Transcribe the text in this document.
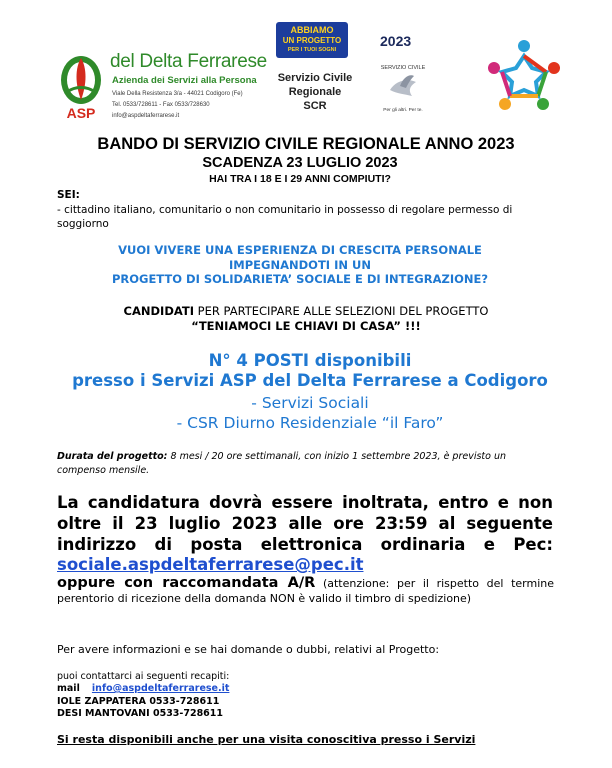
ASP
del Delta Ferrarese
Azienda dei Servizi alla Persona
Viale Della Resistenza 3/a - 44021 Codigoro (Fe)
Tel. 0533/728611 - Fax 0533/728630
info@aspdeltaferrarese.it
ABBIAMO
UN PROGETTO
PER I TUOI SOGNI
Servizio Civile
Regionale
SCR
2023
SERVIZIO CIVILE
Per gli altri. Per te.
BANDO DI SERVIZIO CIVILE REGIONALE ANNO 2023
SCADENZA 23 LUGLIO 2023
HAI TRA I 18 E I 29 ANNI COMPIUTI?
SEI:
- cittadino italiano, comunitario o non comunitario in possesso di regolare permesso di soggiorno
VUOI VIVERE UNA ESPERIENZA DI CRESCITA PERSONALE
IMPEGNANDOTI IN UN
PROGETTO DI SOLIDARIETA’ SOCIALE E DI INTEGRAZIONE?
CANDIDATI PER PARTECIPARE ALLE SELEZIONI DEL PROGETTO
“TENIAMOCI LE CHIAVI DI CASA” !!!
N° 4 POSTI disponibili
presso i Servizi ASP del Delta Ferrarese a Codigoro
- Servizi Sociali
- CSR Diurno Residenziale “il Faro”
Durata del progetto: 8 mesi / 20 ore settimanali, con inizio 1 settembre 2023, è previsto un compenso mensile.
La candidatura dovrà essere inoltrata, entro e non oltre il 23 luglio 2023 alle ore 23:59 al seguente indirizzo di posta elettronica ordinaria e Pec:
sociale.aspdeltaferrarese@pec.it
oppure con raccomandata A/R (attenzione: per il rispetto del termine perentorio di ricezione della domanda NON è valido il timbro di spedizione)
Per avere informazioni e se hai domande o dubbi, relativi al Progetto:
puoi contattarci ai seguenti recapiti:
mail info@aspdeltaferrarese.it
IOLE ZAPPATERA 0533-728611
DESI MANTOVANI 0533-728611
Si resta disponibili anche per una visita conoscitiva presso i Servizi
